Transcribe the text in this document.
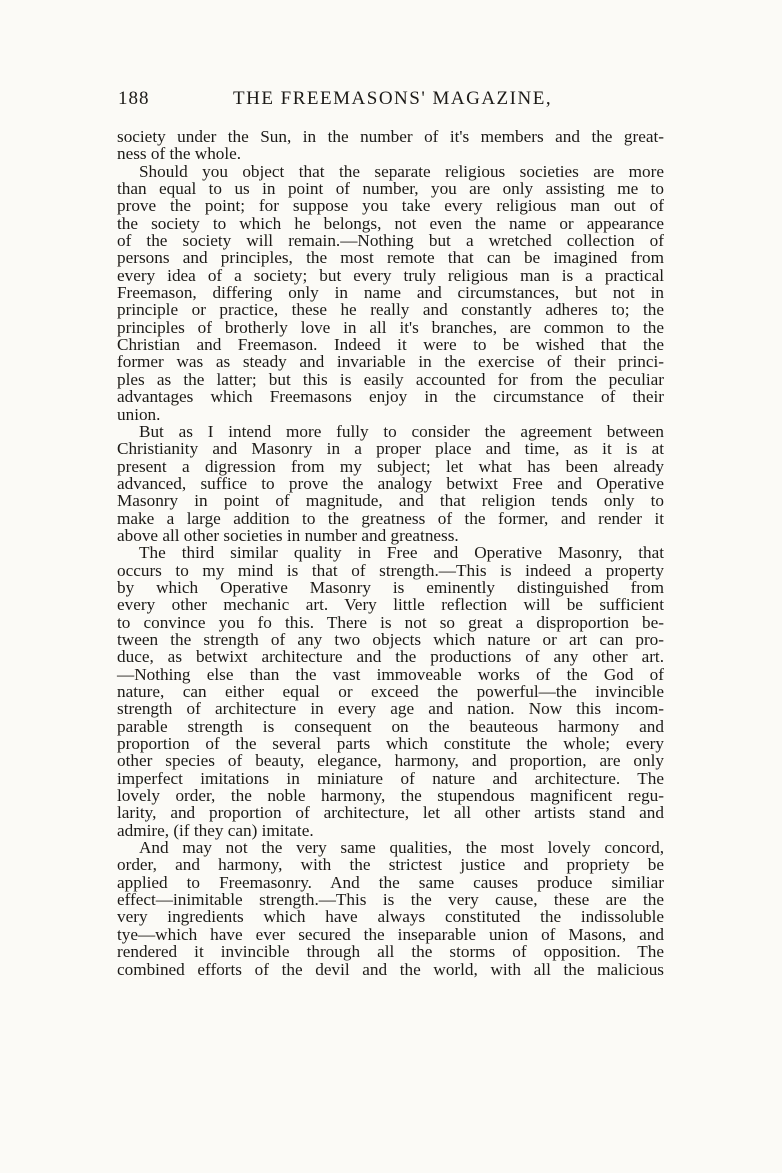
188	THE FREEMASONS' MAGAZINE,
society under the Sun, in the number of it's members and the great-
ness of the whole.
Should you object that the separate religious societies are more
than equal to us in point of number, you are only assisting me to
prove the point; for suppose you take every religious man out of
the society to which he belongs, not even the name or appearance
of the society will remain.—Nothing but a wretched collection of
persons and principles, the most remote that can be imagined from
every idea of a society; but every truly religious man is a practical
Freemason, differing only in name and circumstances, but not in
principle or practice, these he really and constantly adheres to; the
principles of brotherly love in all it's branches, are common to the
Christian and Freemason. Indeed it were to be wished that the
former was as steady and invariable in the exercise of their princi-
ples as the latter; but this is easily accounted for from the peculiar
advantages which Freemasons enjoy in the circumstance of their
union.
But as I intend more fully to consider the agreement between
Christianity and Masonry in a proper place and time, as it is at
present a digression from my subject; let what has been already
advanced, suffice to prove the analogy betwixt Free and Operative
Masonry in point of magnitude, and that religion tends only to
make a large addition to the greatness of the former, and render it
above all other societies in number and greatness.
The third similar quality in Free and Operative Masonry, that
occurs to my mind is that of strength.—This is indeed a property
by which Operative Masonry is eminently distinguished from
every other mechanic art. Very little reflection will be sufficient
to convince you fo this. There is not so great a disproportion be-
tween the strength of any two objects which nature or art can pro-
duce, as betwixt architecture and the productions of any other art.
—Nothing else than the vast immoveable works of the God of
nature, can either equal or exceed the powerful—the invincible
strength of architecture in every age and nation. Now this incom-
parable strength is consequent on the beauteous harmony and
proportion of the several parts which constitute the whole; every
other species of beauty, elegance, harmony, and proportion, are only
imperfect imitations in miniature of nature and architecture. The
lovely order, the noble harmony, the stupendous magnificent regu-
larity, and proportion of architecture, let all other artists stand and
admire, (if they can) imitate.
And may not the very same qualities, the most lovely concord,
order, and harmony, with the strictest justice and propriety be
applied to Freemasonry. And the same causes produce similiar
effect—inimitable strength.—This is the very cause, these are the
very ingredients which have always constituted the indissoluble
tye—which have ever secured the inseparable union of Masons, and
rendered it invincible through all the storms of opposition. The
combined efforts of the devil and the world, with all the malicious
